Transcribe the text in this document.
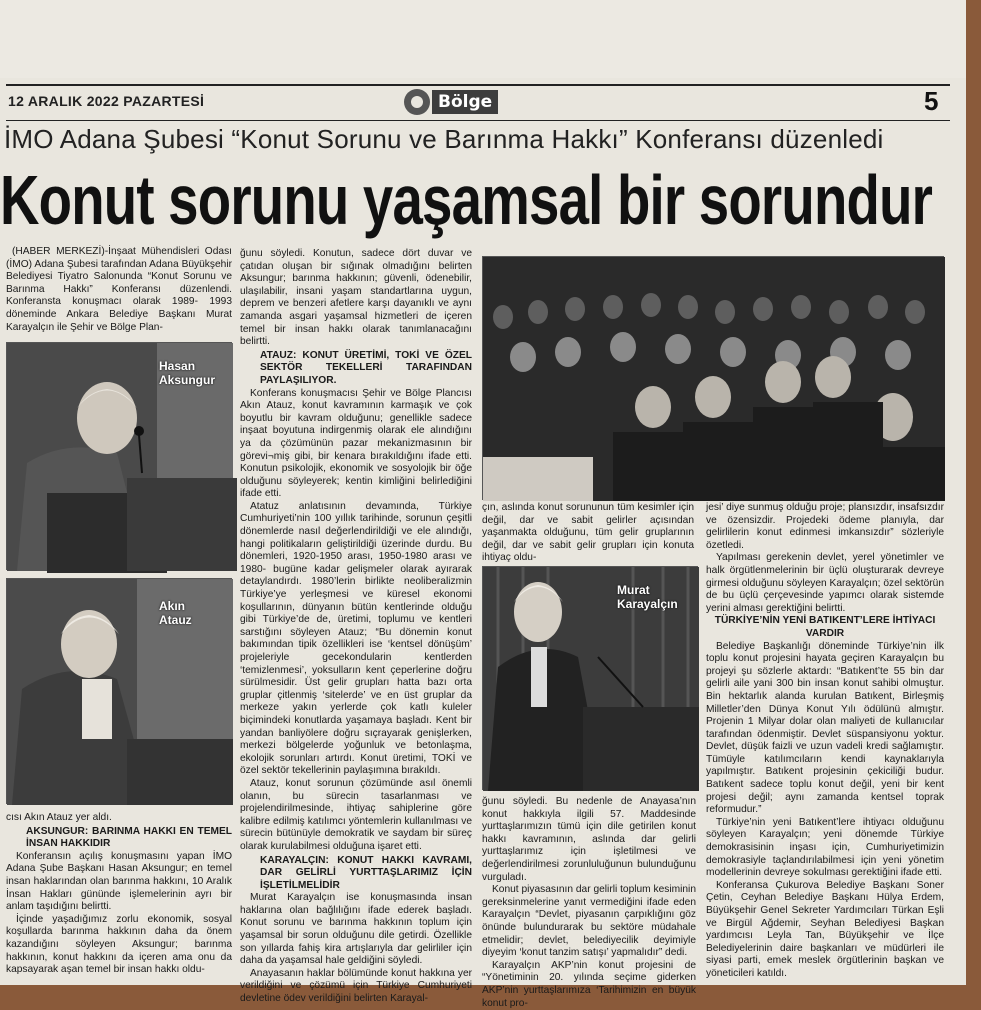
12 ARALIK 2022 PAZARTESİ	Bölge	5
İMO Adana Şubesi “Konut Sorunu ve Barınma Hakkı” Konferansı düzenledi
Konut sorunu yaşamsal bir sorundur

(HABER MERKEZİ)-İnşaat Mühendisleri Odası (İMO) Adana Şubesi tarafından Adana Büyükşehir Belediyesi Tiyatro Salonunda “Konut Sorunu ve Barınma Hakkı” Konferansı düzenlendi. Konferansta konuşmacı olarak 1989- 1993 döneminde Ankara Belediye Başkanı Murat Karayalçın ile Şehir ve Bölge Plan-

Hasan
Aksungur
Akın
Atauz

cısı Akın Atauz yer aldı.

AKSUNGUR: BARINMA HAKKI EN TEMEL İNSAN HAKKIDIR

Konferansın açılış konuşmasını yapan İMO Adana Şube Başkanı Hasan Aksungur; en temel insan haklarından olan barınma hakkını, 10 Aralık İnsan Hakları gününde işlemelerinin ayrı bir anlam taşıdığını belirtti.

İçinde yaşadığımız zorlu ekonomik, sosyal koşullarda barınma hakkının daha da önem kazandığını söyleyen Aksungur; barınma hakkının, konut hakkını da içeren ama onu da kapsayarak aşan temel bir insan hakkı oldu-

ğunu söyledi. Konutun, sadece dört duvar ve çatıdan oluşan bir sığınak olmadığını belirten Aksungur; barınma hakkının; güvenli, ödenebilir, ulaşılabilir, insani yaşam standartlarına uygun, deprem ve benzeri afetlere karşı dayanıklı ve aynı zamanda asgari yaşamsal hizmetleri de içeren temel bir insan hakkı olarak tanımlanacağını belirtti.

ATAUZ: KONUT ÜRETİMİ, TOKİ VE ÖZEL SEKTÖR TEKELLERİ TARAFINDAN PAYLAŞILIYOR.

Konferans konuşmacısı Şehir ve Bölge Plancısı Akın Atauz, konut kavramının karmaşık ve çok boyutlu bir kavram olduğunu; genellikle sadece inşaat boyutuna indirgenmiş olarak ele alındığını ya da çözümünün pazar mekanizmasının bir görevi¬miş gibi, bir kenara bırakıldığını ifade etti. Konutun psikolojik, ekonomik ve sosyolojik bir öğe olduğunu söyleyerek; kentin kimliğini belirlediğini ifade etti.

Atatuz anlatısının devamında, Türkiye Cumhuriyeti’nin 100 yıllık tarihinde, sorunun çeşitli dönemlerde nasıl değerlendirildiği ve ele alındığı, hangi politikaların geliştirildiği üzerinde durdu. Bu dönemleri, 1920-1950 arası, 1950-1980 arası ve 1980- bugüne kadar gelişmeler olarak ayırarak detaylandırdı. 1980’lerin birlikte neoliberalizmin Türkiye’ye yerleşmesi ve küresel ekonomi koşullarının, dünyanın bütün kentlerinde olduğu gibi Türkiye’de de, üretimi, toplumu ve kentleri sarstığını söyleyen Atauz; “Bu dönemin konut bakımından tipik özellikleri ise ‘kentsel dönüşüm’ projeleriyle gecekondularin kentlerden ‘temizlenmesi’, yoksulların kent çeperlerine doğru sürülmesidir. Üst gelir grupları hatta bazı orta gruplar çitlenmiş ‘sitelerde’ ve en üst gruplar da merkeze yakın yerlerde çok katlı kuleler biçimindeki konutlarda yaşamaya başladı. Kent bir yandan banliyölere doğru sıçrayarak genişlerken, merkezi bölgelerde yoğunluk ve betonlaşma, ekolojik sorunları artırdı. Konut üretimi, TOKİ ve özel sektör tekellerinin paylaşımına bırakıldı.

Atauz, konut sorunun çözümünde asıl önemli olanın, bu sürecin tasarlanması ve projelendirilmesinde, ihtiyaç sahiplerine göre kalibre edilmiş katılımcı yöntemlerin kullanılması ve sürecin bütünüyle demokratik ve saydam bir süreç olarak kurulabilmesi olduğuna işaret etti.

KARAYALÇIN: KONUT HAKKI KAVRAMI, DAR GELİRLİ YURTTAŞLARIMIZ İÇİN İŞLETİLMELİDİR

Murat Karayalçın ise konuşmasında insan haklarına olan bağlılığını ifade ederek başladı. Konut sorunu ve barınma hakkının toplum için yaşamsal bir sorun olduğunu dile getirdi. Özellikle son yıllarda fahiş kira artışlarıyla dar gelirliler için daha da yaşamsal hale geldiğini söyledi.

Anayasanın haklar bölümünde konut hakkına yer verildiğini ve çözümü için Türkiye Cumhuriyeti devletine ödev verildiğini belirten Karayal-

çın, aslında konut sorununun tüm kesimler için değil, dar ve sabit gelirler açısından yaşanmakta olduğunu, tüm gelir gruplarının değil, dar ve sabit gelir grupları için konuta ihtiyaç oldu-

Murat
Karayalçın

ğunu söyledi. Bu nedenle de Anayasa’nın konut hakkıyla ilgili 57. Maddesinde yurttaşlarımızın tümü için dile getirilen konut hakkı kavramının, aslında dar gelirli yurttaşlarımız için işletilmesi ve değerlendirilmesi zorunluluğunun bulunduğunu vurguladı.

Konut piyasasının dar gelirli toplum kesiminin gereksinmelerine yanıt vermediğini ifade eden Karayalçın “Devlet, piyasanın çarpıklığını göz önünde bulundurarak bu sektöre müdahale etmelidir; devlet, belediyecilik deyimiyle diyeyim ‘konut tanzim satışı’ yapmalıdır” dedi.

Karayalçın AKP’nin konut projesini de “Yönetiminin 20. yılında seçime giderken AKP’nin yurttaşlarımıza ‘Tarihimizin en büyük konut pro-

jesi’ diye sunmuş olduğu proje; plansızdır, insafsızdır ve özensizdir. Projedeki ödeme planıyla, dar gelirlilerin konut edinmesi imkansızdır” sözleriyle özetledi.

Yapılması gerekenin devlet, yerel yönetimler ve halk örgütlenmelerinin bir üçlü oluşturarak devreye girmesi olduğunu söyleyen Karayalçın; özel sektörün de bu üçlü çerçevesinde yapımcı olarak sistemde yerini alması gerektiğini belirtti.

TÜRKİYE’NİN YENİ BATIKENT’LERE İHTİYACI VARDIR

Belediye Başkanlığı döneminde Türkiye’nin ilk toplu konut projesini hayata geçiren Karayalçın bu projeyi şu sözlerle aktardı: “Batıkent’te 55 bin dar gelirli aile yani 300 bin insan konut sahibi olmuştur. Bin hektarlık alanda kurulan Batıkent, Birleşmiş Milletler’den Dünya Konut Yılı ödülünü almıştır. Projenin 1 Milyar dolar olan maliyeti de kullanıcılar tarafından ödenmiştir. Devlet süspansiyonu yoktur. Devlet, düşük faizli ve uzun vadeli kredi sağlamıştır. Tümüyle katılımcıların kendi kaynaklarıyla yapılmıştır. Batıkent projesinin çekiciliği budur. Batıkent sadece toplu konut değil, yeni bir kent projesi değil; aynı zamanda kentsel toprak reformudur.”

Türkiye’nin yeni Batıkent’lere ihtiyacı olduğunu söyleyen Karayalçın; yeni dönemde Türkiye demokrasisinin inşası için, Cumhuriyetimizin demokrasiyle taçlandırılabilmesi için yeni yönetim modellerinin devreye sokulması gerektiğini ifade etti.

Konferansa Çukurova Belediye Başkanı Soner Çetin, Ceyhan Belediye Başkanı Hülya Erdem, Büyükşehir Genel Sekreter Yardımcıları Türkan Eşli ve Birgül Ağdemir, Seyhan Belediyesi Başkan yardımcısı Leyla Tan, Büyükşehir ve İlçe Belediyelerinin daire başkanları ve müdürleri ile siyasi parti, emek meslek örgütlerinin başkan ve yöneticileri katıldı.
